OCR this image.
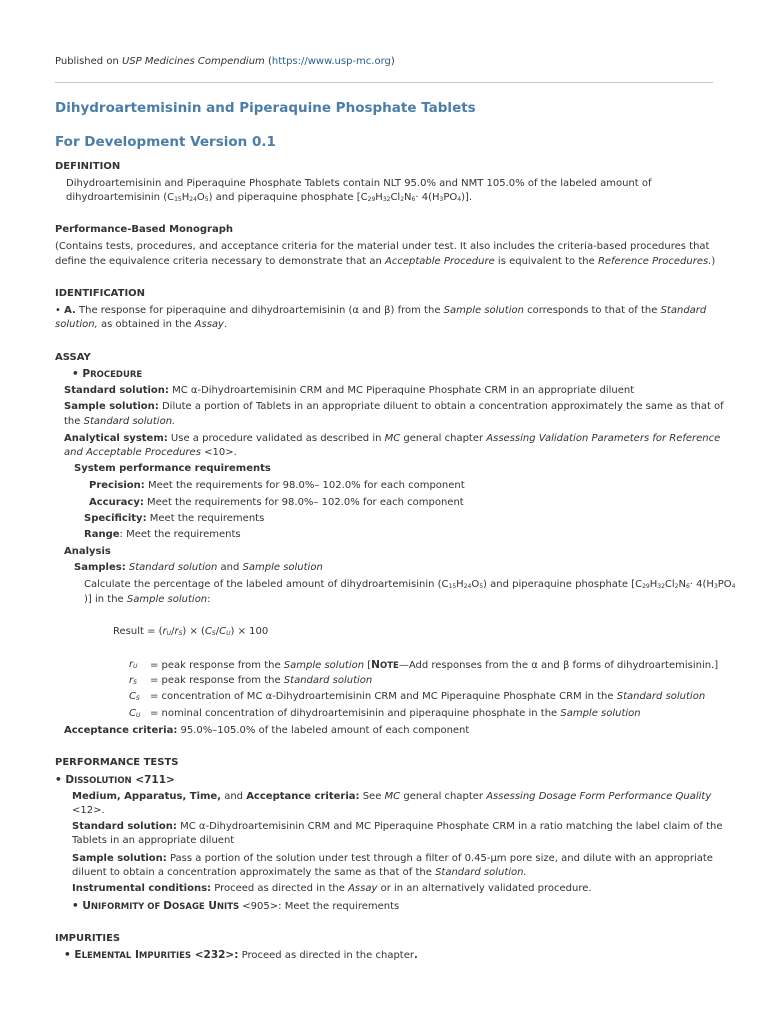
Published on USP Medicines Compendium (https://www.usp-mc.org)
Dihydroartemisinin and Piperaquine Phosphate Tablets
For Development Version 0.1
DEFINITION
Dihydroartemisinin and Piperaquine Phosphate Tablets contain NLT 95.0% and NMT 105.0% of the labeled amount of
dihydroartemisinin $(C_{15}H_{24}O_5)$ and piperaquine phosphate $[C_{29}H_{32}Cl_2N_6\cdot 4(H_3PO_4)]$.
Performance-Based Monograph
(Contains tests, procedures, and acceptance criteria for the material under test. It also includes the criteria-based procedures that
define the equivalence criteria necessary to demonstrate that an Acceptable Procedure is equivalent to the Reference Procedures.)
IDENTIFICATION
• A. The response for piperaquine and dihydroartemisinin (α and β) from the Sample solution corresponds to that of the Standard
solution, as obtained in the Assay.
ASSAY
• PROCEDURE
Standard solution: MC α-Dihydroartemisinin CRM and MC Piperaquine Phosphate CRM in an appropriate diluent
Sample solution: Dilute a portion of Tablets in an appropriate diluent to obtain a concentration approximately the same as that of
the Standard solution.
Analytical system: Use a procedure validated as described in MC general chapter Assessing Validation Parameters for Reference
and Acceptable Procedures <10>.
System performance requirements
Precision: Meet the requirements for 98.0%– 102.0% for each component
Accuracy: Meet the requirements for 98.0%– 102.0% for each component
Specificity: Meet the requirements
Range: Meet the requirements
Analysis
Samples: Standard solution and Sample solution
Calculate the percentage of the labeled amount of dihydroartemisinin $(C_{15}H_{24}O_5)$ and piperaquine phosphate [$C_{29}H_{32}Cl_2N_6\cdot 4(H_3PO_4$
)] in the Sample solution:
Result = $(r_U/r_S) \times (C_S/C_U) \times 100$
$r_U$ = peak response from the Sample solution [NOTE—Add responses from the α and β forms of dihydroartemisinin.]
$r_S$ = peak response from the Standard solution
$C_S$ = concentration of MC α-Dihydroartemisinin CRM and MC Piperaquine Phosphate CRM in the Standard solution
$C_U$ = nominal concentration of dihydroartemisinin and piperaquine phosphate in the Sample solution
Acceptance criteria: 95.0%–105.0% of the labeled amount of each component
PERFORMANCE TESTS
• DISSOLUTION <711>
Medium, Apparatus, Time, and Acceptance criteria: See MC general chapter Assessing Dosage Form Performance Quality
<12>.
Standard solution: MC α-Dihydroartemisinin CRM and MC Piperaquine Phosphate CRM in a ratio matching the label claim of the
Tablets in an appropriate diluent
Sample solution: Pass a portion of the solution under test through a filter of 0.45-µm pore size, and dilute with an appropriate
diluent to obtain a concentration approximately the same as that of the Standard solution.
Instrumental conditions: Proceed as directed in the Assay or in an alternatively validated procedure.
• UNIFORMITY OF DOSAGE UNITS <905>: Meet the requirements
IMPURITIES
• ELEMENTAL IMPURITIES <232>: Proceed as directed in the chapter.
